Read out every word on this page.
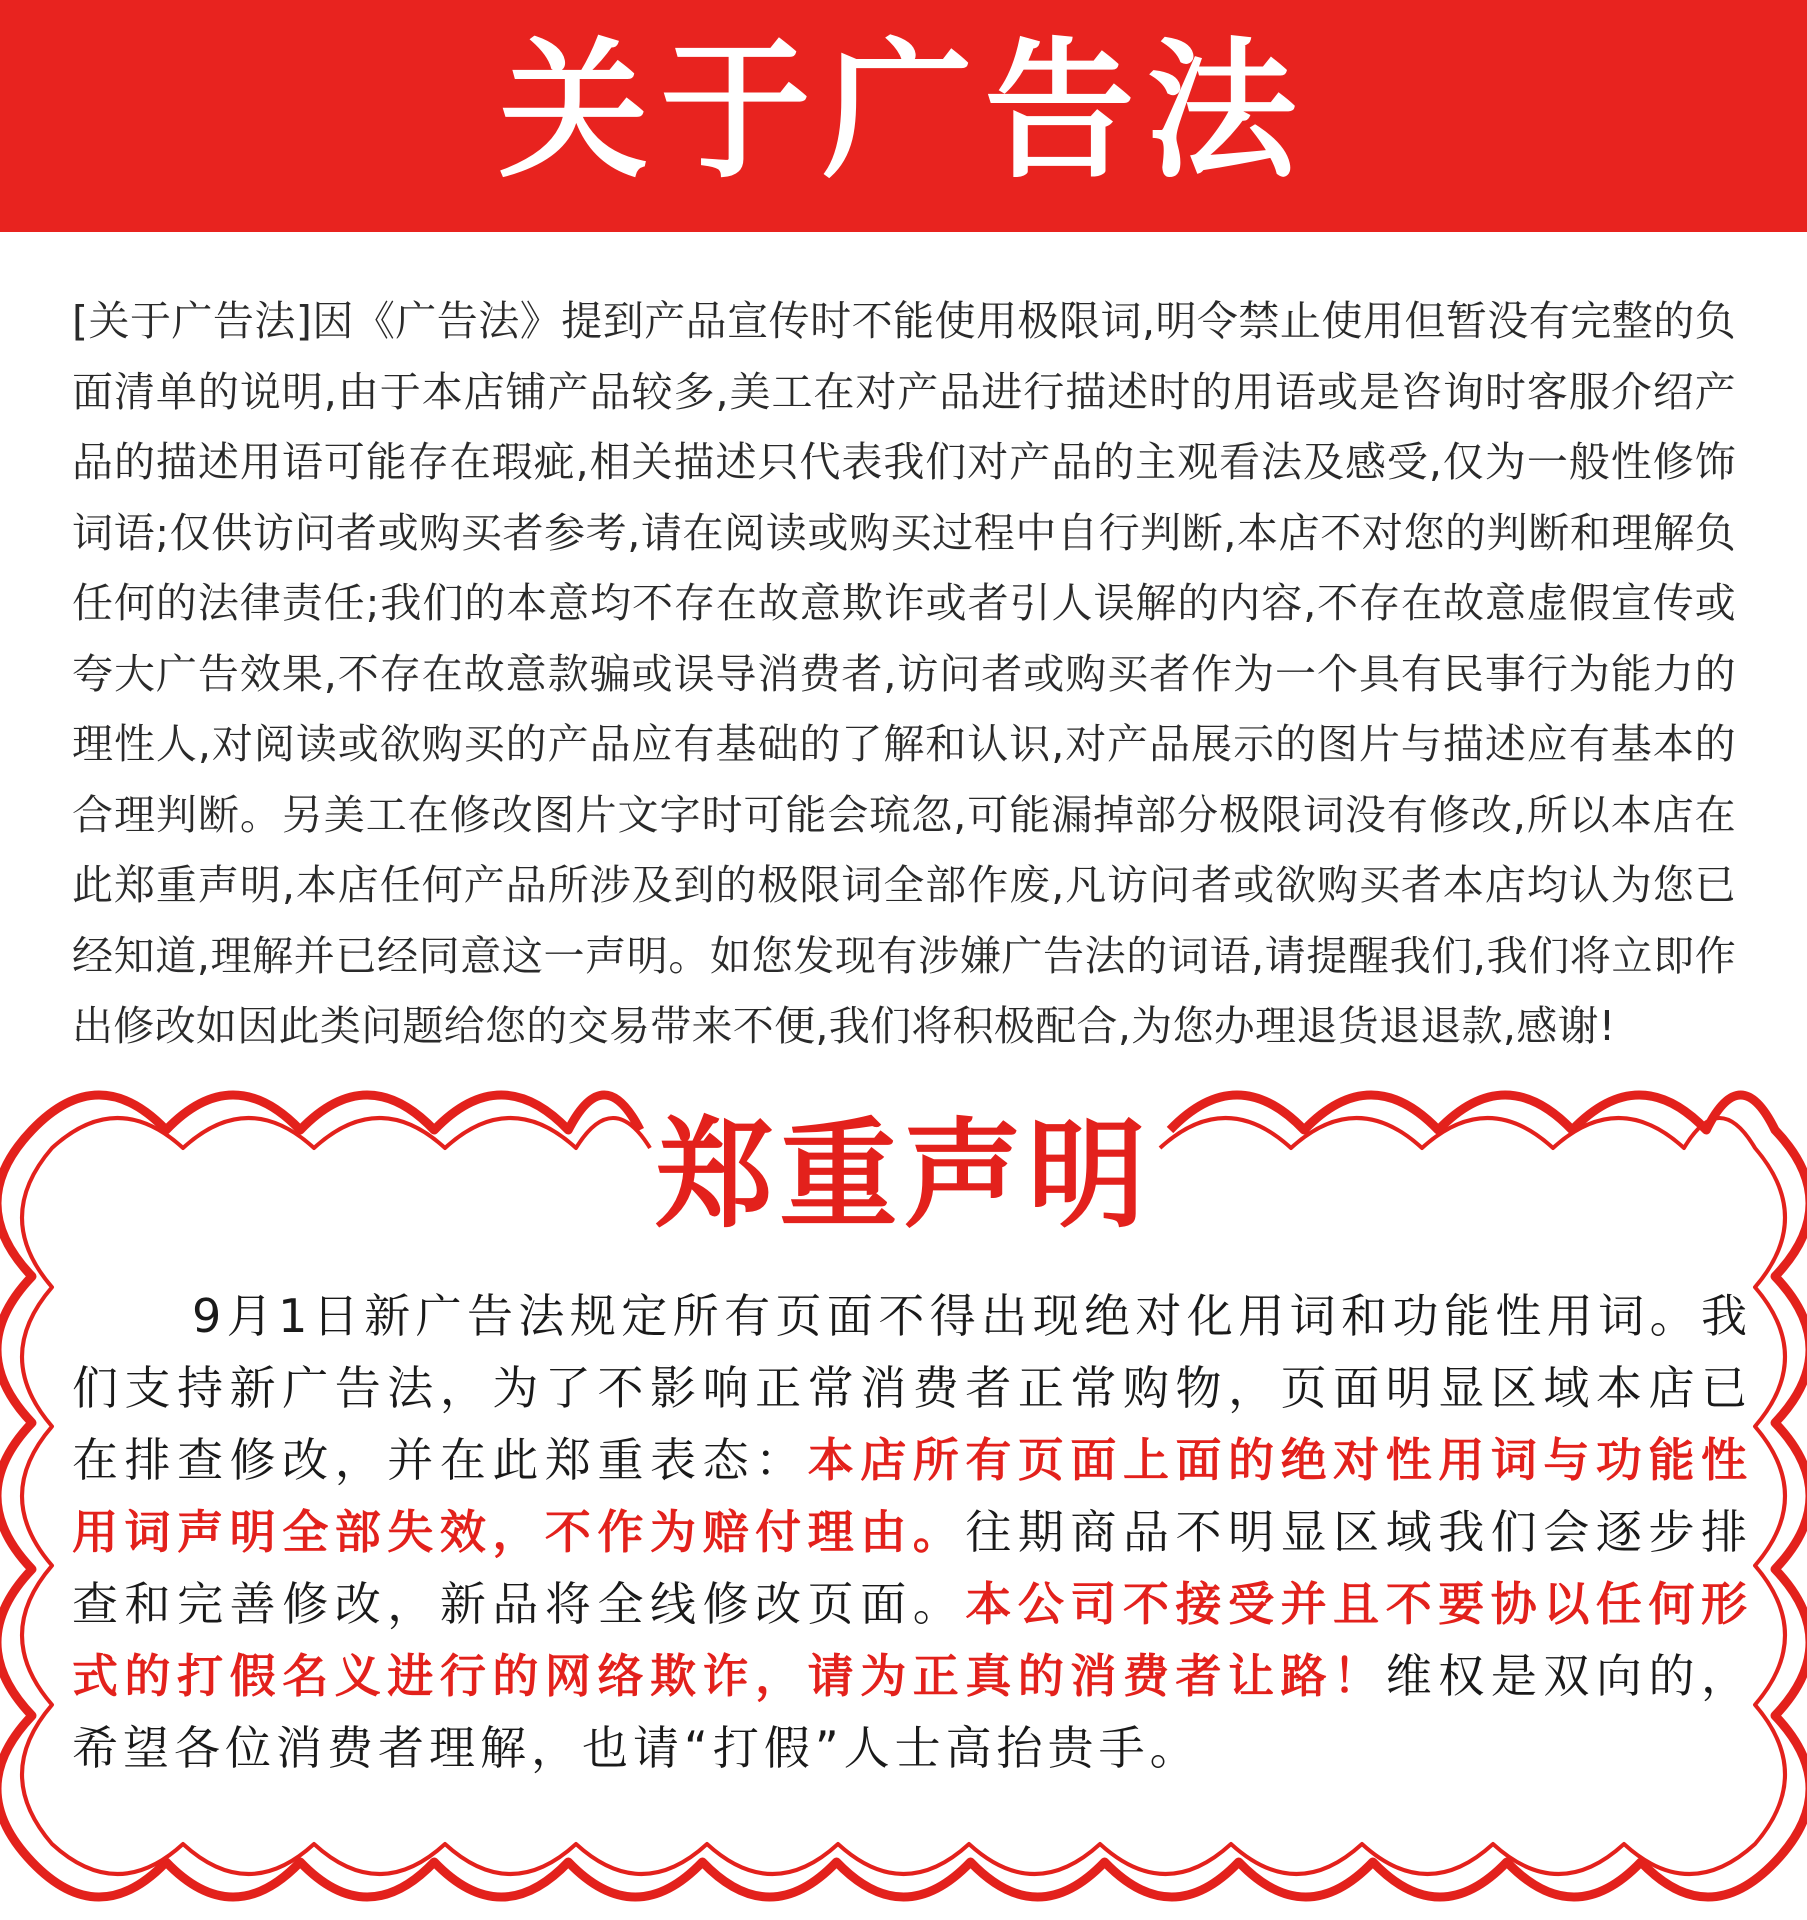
关于广告法
[关于广告法]因《广告法》提到产品宣传时不能使用极限词,明令禁止使用但暂没有完整的负面清单的说明,由于本店铺产品较多,美工在对产品进行描述时的用语或是咨询时客服介绍产品的描述用语可能存在瑕疵,相关描述只代表我们对产品的主观看法及感受,仅为一般性修饰词语;仅供访问者或购买者参考,请在阅读或购买过程中自行判断,本店不对您的判断和理解负任何的法律责任;我们的本意均不存在故意欺诈或者引人误解的内容,不存在故意虚假宣传或夸大广告效果,不存在故意款骗或误导消费者,访问者或购买者作为一个具有民事行为能力的理性人,对阅读或欲购买的产品应有基础的了解和认识,对产品展示的图片与描述应有基本的合理判断。另美工在修改图片文字时可能会琉忽,可能漏掉部分极限词没有修改,所以本店在此郑重声明,本店任何产品所涉及到的极限词全部作废,凡访问者或欲购买者本店均认为您已经知道,理解并已经同意这一声明。如您发现有涉嫌广告法的词语,请提醒我们,我们将立即作出修改如因此类问题给您的交易带来不便,我们将积极配合,为您办理退货退退款,感谢!
郑重声明
9月1日新广告法规定所有页面不得出现绝对化用词和功能性用词。我们支持新广告法，为了不影响正常消费者正常购物，页面明显区域本店已在排查修改，并在此郑重表态：本店所有页面上面的绝对性用词与功能性用词声明全部失效，不作为赔付理由。往期商品不明显区域我们会逐步排查和完善修改，新品将全线修改页面。本公司不接受并且不要协以任何形式的打假名义进行的网络欺诈，请为正真的消费者让路！维权是双向的，希望各位消费者理解，也请“打假”人士高抬贵手。
